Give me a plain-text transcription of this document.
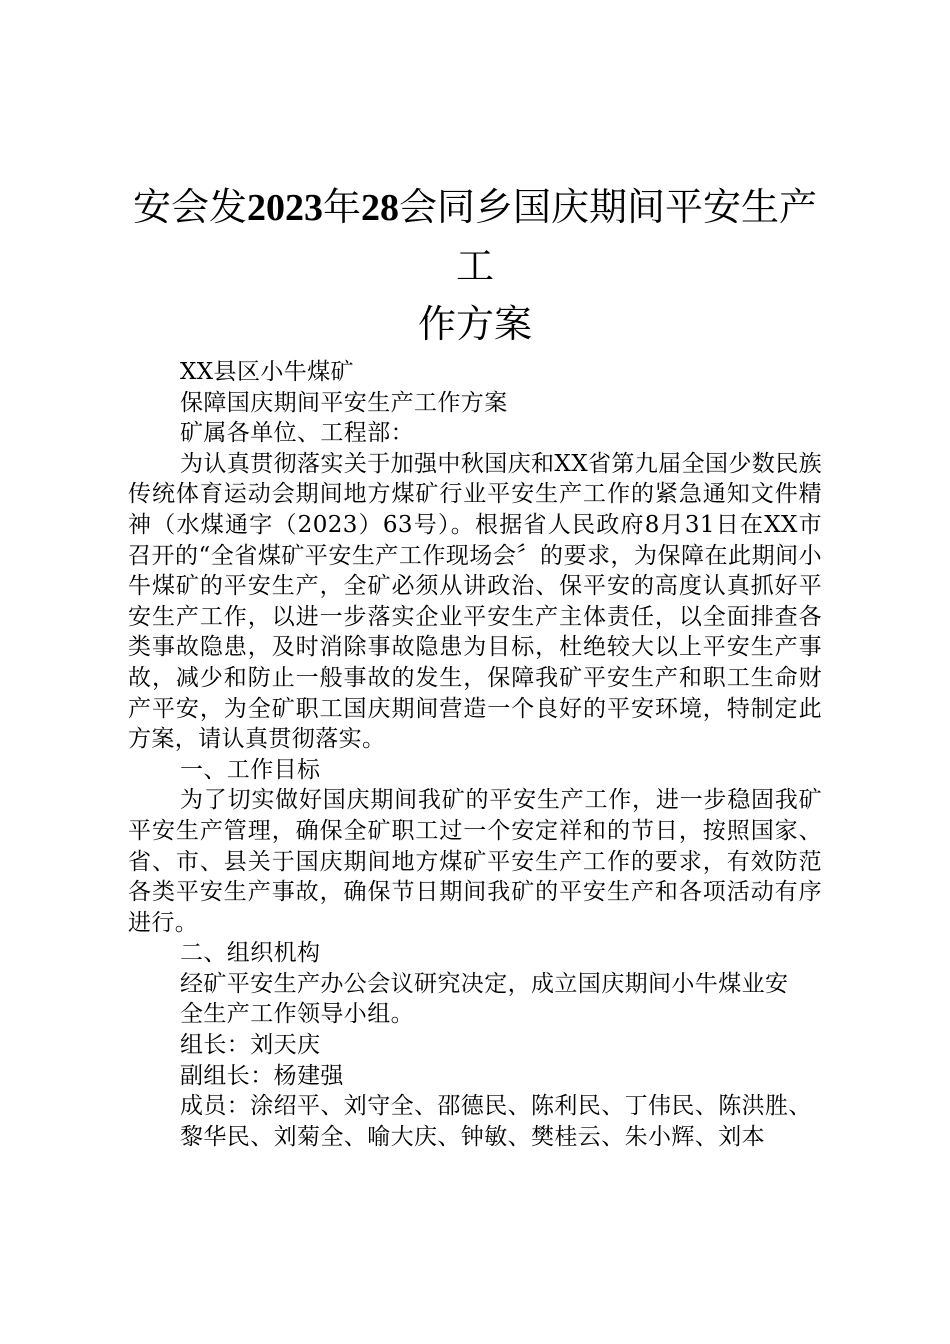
安会发2023年28会同乡国庆期间平安生产工
作方案

XX县区小牛煤矿

保障国庆期间平安生产工作方案

矿属各单位、工程部：

为认真贯彻落实关于加强中秋国庆和XX省第九届全国少数民族传统体育运动会期间地方煤矿行业平安生产工作的紧急通知文件精神（水煤通字（2023）63号）。根据省人民政府8月31日在XX市召开的“全省煤矿平安生产工作现场会〞的要求，为保障在此期间小牛煤矿的平安生产，全矿必须从讲政治、保平安的高度认真抓好平安生产工作，以进一步落实企业平安生产主体责任，以全面排查各类事故隐患，及时消除事故隐患为目标，杜绝较大以上平安生产事故，减少和防止一般事故的发生，保障我矿平安生产和职工生命财产平安，为全矿职工国庆期间营造一个良好的平安环境，特制定此方案，请认真贯彻落实。

一、工作目标

为了切实做好国庆期间我矿的平安生产工作，进一步稳固我矿平安生产管理，确保全矿职工过一个安定祥和的节日，按照国家、省、市、县关于国庆期间地方煤矿平安生产工作的要求，有效防范各类平安生产事故，确保节日期间我矿的平安生产和各项活动有序进行。

二、组织机构

经矿平安生产办公会议研究决定，成立国庆期间小牛煤业安

全生产工作领导小组。

组长：刘天庆

副组长：杨建强

成员：涂绍平、刘守全、邵德民、陈利民、丁伟民、陈洪胜、

黎华民、刘菊全、喻大庆、钟敏、樊桂云、朱小辉、刘本
